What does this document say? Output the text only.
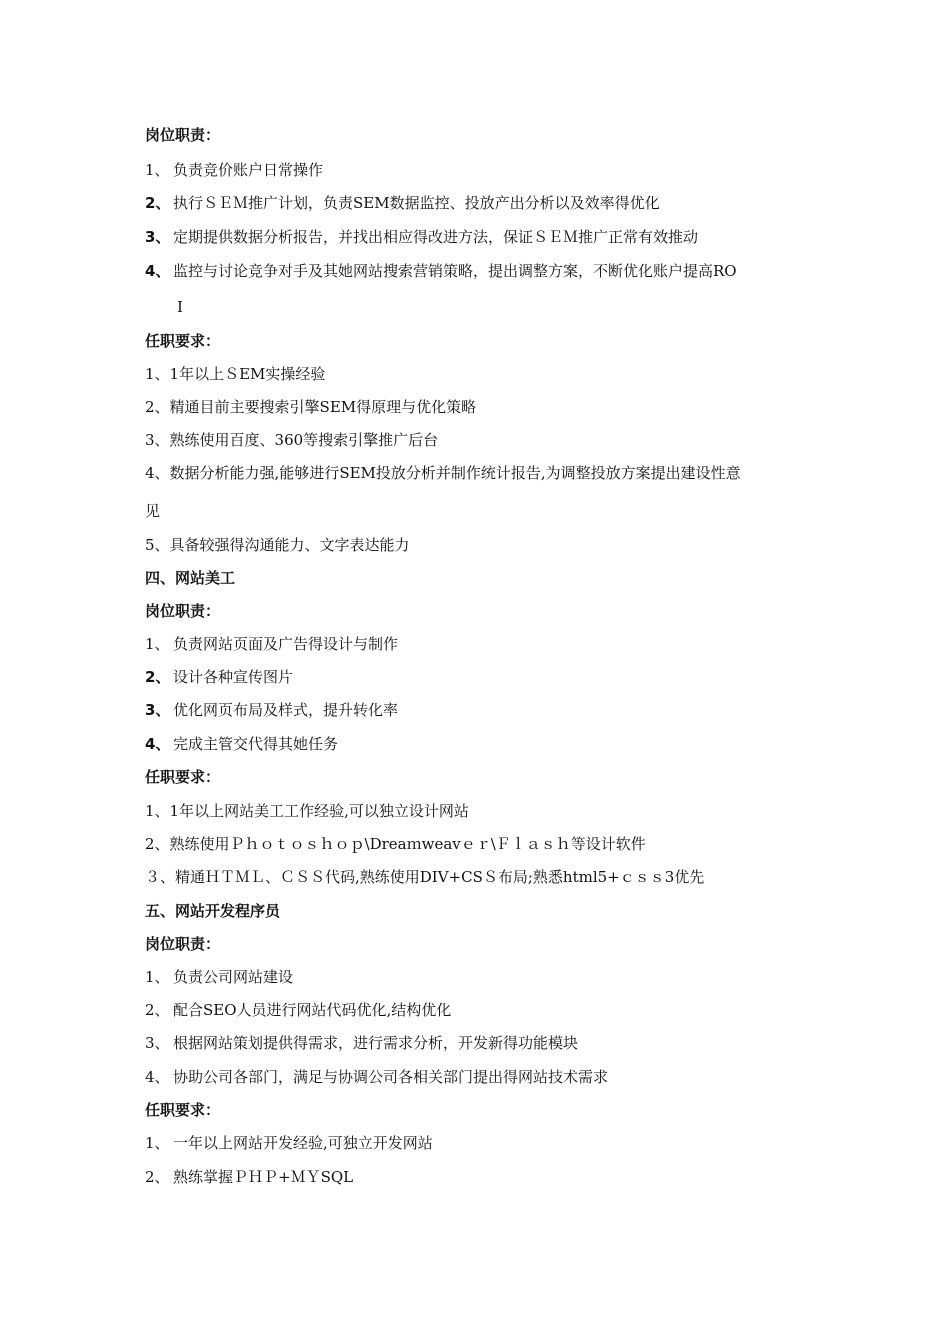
岗位职责：
1、 负责竞价账户日常操作
2、 执行ＳＥＭ推广计划，负责SEM数据监控、投放产出分析以及效率得优化
3、 定期提供数据分析报告，并找出相应得改进方法，保证ＳＥＭ推广正常有效推动
4、 监控与讨论竞争对手及其她网站搜索营销策略，提出调整方案，不断优化账户提高RO
I
任职要求：
1、1年以上ＳEM实操经验
2、精通目前主要搜索引擎SEM得原理与优化策略
3、熟练使用百度、360等搜索引擎推广后台
4、数据分析能力强,能够进行SEM投放分析并制作统计报告,为调整投放方案提出建设性意
见
5、具备较强得沟通能力、文字表达能力
四、网站美工
岗位职责：
1、 负责网站页面及广告得设计与制作
2、 设计各种宣传图片
3、 优化网页布局及样式，提升转化率
4、 完成主管交代得其她任务
任职要求：
1、1年以上网站美工工作经验,可以独立设计网站
2、熟练使用Ｐｈｏｔｏｓｈｏｐ\Dreaｍweavｅｒ\Ｆｌａｓｈ等设计软件
３、精通ＨＴＭＬ、ＣＳＳ代码,熟练使用DIV+CSＳ布局;熟悉html5+ｃｓｓ3优先
五、网站开发程序员
岗位职责：
1、 负责公司网站建设
2、 配合SEO人员进行网站代码优化,结构优化
3、 根据网站策划提供得需求，进行需求分析，开发新得功能模块
4、 协助公司各部门，满足与协调公司各相关部门提出得网站技术需求
任职要求：
1、 一年以上网站开发经验,可独立开发网站
2、 熟练掌握ＰＨＰ+ＭＹSQL
